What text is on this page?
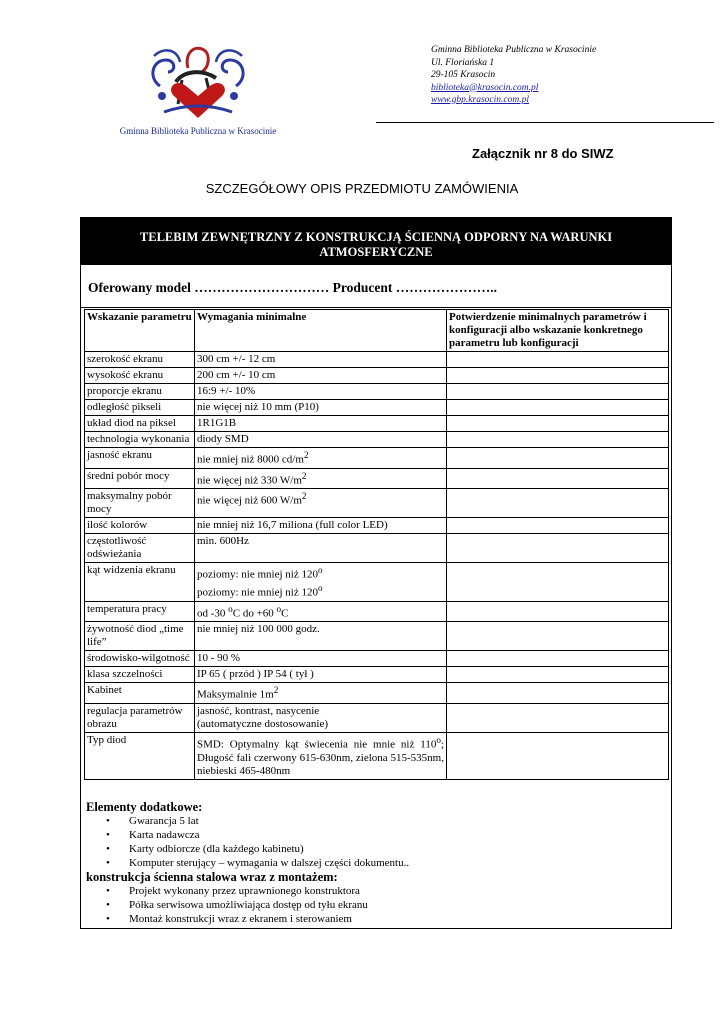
Gminna Biblioteka Publiczna w Krasocinie
Gminna Biblioteka Publiczna w Krasocinie
Ul. Floriańska 1
29-105 Krasocin
biblioteka@krasocin.com.pl
www.gbp.krasocin.com.pl
Załącznik nr 8 do SIWZ
SZCZEGÓŁOWY OPIS PRZEDMIOTU ZAMÓWIENIA
TELEBIM ZEWNĘTRZNY Z KONSTRUKCJĄ ŚCIENNĄ ODPORNY NA WARUNKI
ATMOSFERYCZNE
Oferowany model ………………………… Producent …………………..
Wskazanie parametru	Wymagania minimalne	Potwierdzenie minimalnych parametrów i konfiguracji albo wskazanie konkretnego parametru lub konfiguracji
szerokość ekranu	300 cm +/- 12 cm	
wysokość ekranu	200 cm +/- 10 cm	
proporcje ekranu	16:9 +/- 10%	
odległość pikseli	nie więcej niż 10 mm (P10)	
układ diod na piksel	1R1G1B	
technologia wykonania	diody SMD	
jasność ekranu	nie mniej niż 8000 $cd/m^2$	
średni pobór mocy	nie więcej niż 330 $W/m^2$	
maksymalny pobór mocy	nie więcej niż 600 $W/m^2$	
ilość kolorów	nie mniej niż 16,7 miliona (full color LED)	
częstotliwość odświeżania	min. 600Hz	
kąt widzenia ekranu	poziomy: nie mniej niż 120$^o$
poziomy: nie mniej niż 120$^o$

temperatura pracy	od -30 $^o$C do +60 $^o$C	
żywotność diod „time life”	nie mniej niż 100 000 godz.	
środowisko-wilgotność	10 - 90 %	
klasa szczelności	IP 65 ( przód ) IP 54 ( tył )	
Kabinet	Maksymalnie $1m^2$	
regulacja parametrów obrazu	jasność, kontrast, nasycenie
(automatyczne dostosowanie)	

Typ diod	SMD: Optymalny kąt świecenia nie mnie niż 110$^o$; Długość fali czerwony 615-630nm, zielona 515-535nm, niebieski 465-480nm	
Elementy dodatkowe:
• Gwarancja 5 lat
• Karta nadawcza
• Karty odbiorcze (dla każdego kabinetu)
• Komputer sterujący – wymagania w dalszej części dokumentu..
konstrukcja ścienna stalowa wraz z montażem:
• Projekt wykonany przez uprawnionego konstruktora
• Półka serwisowa umożliwiająca dostęp od tyłu ekranu
• Montaż konstrukcji wraz z ekranem i sterowaniem
